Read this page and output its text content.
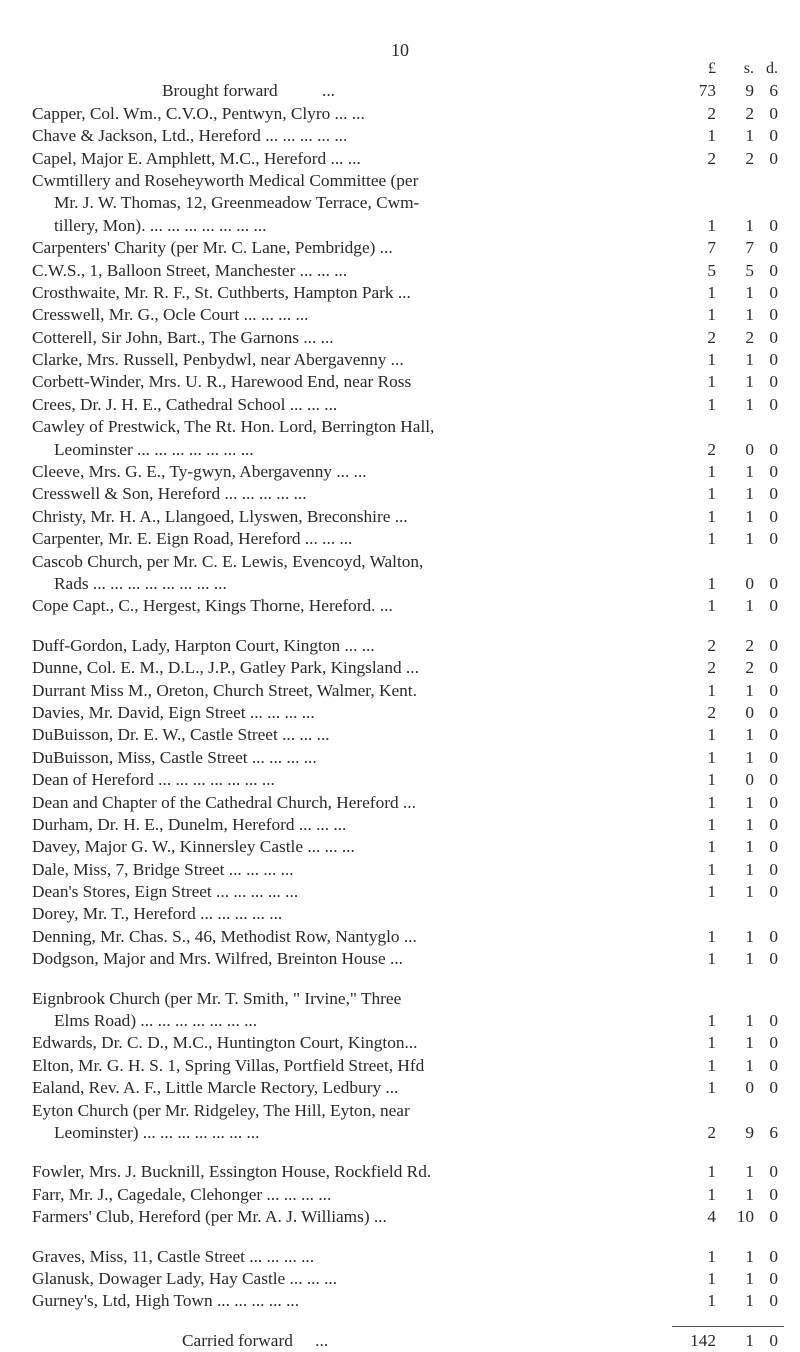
10
£	s. d.
Brought forward	...	73	9 6
Capper, Col. Wm., C.V.O., Pentwyn, Clyro ... ...	2	2 0
Chave & Jackson, Ltd., Hereford ... ... ... ... ...	1	1 0
Capel, Major E. Amphlett, M.C., Hereford ... ...	2	2 0
Cwmtillery and Roseheyworth Medical Committee (per
Mr. J. W. Thomas, 12, Greenmeadow Terrace, Cwm-
tillery, Mon). ... ... ... ... ... ... ...	1	1 0
Carpenters' Charity (per Mr. C. Lane, Pembridge) ...	7	7 0
C.W.S., 1, Balloon Street, Manchester ... ... ...	5	5 0
Crosthwaite, Mr. R. F., St. Cuthberts, Hampton Park ...	1	1 0
Cresswell, Mr. G., Ocle Court ... ... ... ...	1	1 0
Cotterell, Sir John, Bart., The Garnons ... ...	2	2 0
Clarke, Mrs. Russell, Penbydwl, near Abergavenny ...	1	1 0
Corbett-Winder, Mrs. U. R., Harewood End, near Ross	1	1 0
Crees, Dr. J. H. E., Cathedral School ... ... ...	1	1 0
Cawley of Prestwick, The Rt. Hon. Lord, Berrington Hall,
Leominster ... ... ... ... ... ... ...	2	0 0
Cleeve, Mrs. G. E., Ty-gwyn, Abergavenny ... ...	1	1 0
Cresswell & Son, Hereford ... ... ... ... ...	1	1 0
Christy, Mr. H. A., Llangoed, Llyswen, Breconshire ...	1	1 0
Carpenter, Mr. E. Eign Road, Hereford ... ... ...	1	1 0
Cascob Church, per Mr. C. E. Lewis, Evencoyd, Walton,
Rads ... ... ... ... ... ... ... ...	1	0 0
Cope Capt., C., Hergest, Kings Thorne, Hereford. ...	1	1 0
Duff-Gordon, Lady, Harpton Court, Kington ... ...	2	2 0
Dunne, Col. E. M., D.L., J.P., Gatley Park, Kingsland ...	2	2 0
Durrant Miss M., Oreton, Church Street, Walmer, Kent.	1	1 0
Davies, Mr. David, Eign Street ... ... ... ...	2	0 0
DuBuisson, Dr. E. W., Castle Street ... ... ...	1	1 0
DuBuisson, Miss, Castle Street ... ... ... ...	1	1 0
Dean of Hereford ... ... ... ... ... ... ...	1	0 0
Dean and Chapter of the Cathedral Church, Hereford ...	1	1 0
Durham, Dr. H. E., Dunelm, Hereford ... ... ...	1	1 0
Davey, Major G. W., Kinnersley Castle ... ... ...	1	1 0
Dale, Miss, 7, Bridge Street ... ... ... ...	1	1 0
Dean's Stores, Eign Street ... ... ... ... ...	1	1 0
Dorey, Mr. T., Hereford ... ... ... ... ...
Denning, Mr. Chas. S., 46, Methodist Row, Nantyglo ...	1	1 0
Dodgson, Major and Mrs. Wilfred, Breinton House ...	1	1 0
Eignbrook Church (per Mr. T. Smith, " Irvine," Three
Elms Road) ... ... ... ... ... ... ...	1	1 0
Edwards, Dr. C. D., M.C., Huntington Court, Kington...	1	1 0
Elton, Mr. G. H. S. 1, Spring Villas, Portfield Street, Hfd	1	1 0
Ealand, Rev. A. F., Little Marcle Rectory, Ledbury ...	1	0 0
Eyton Church (per Mr. Ridgeley, The Hill, Eyton, near
Leominster) ... ... ... ... ... ... ...	2	9 6
Fowler, Mrs. J. Bucknill, Essington House, Rockfield Rd.	1	1 0
Farr, Mr. J., Cagedale, Clehonger ... ... ... ...	1	1 0
Farmers' Club, Hereford (per Mr. A. J. Williams) ...	4	10 0
Graves, Miss, 11, Castle Street ... ... ... ...	1	1 0
Glanusk, Dowager Lady, Hay Castle ... ... ...	1	1 0
Gurney's, Ltd, High Town ... ... ... ... ...	1	1 0
Carried forward ...	142	1 0
